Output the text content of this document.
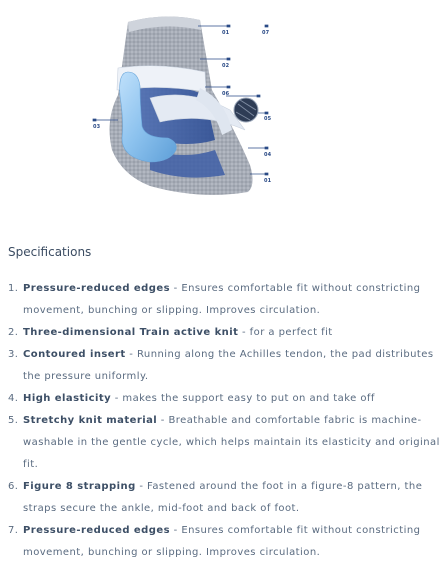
01	07
02
06
05
03
04
01
Specifications
1. Pressure-reduced edges - Ensures comfortable fit without constricting movement, bunching or slipping. Improves circulation.
2. Three-dimensional Train active knit - for a perfect fit
3. Contoured insert - Running along the Achilles tendon, the pad distributes the pressure uniformly.
4. High elasticity - makes the support easy to put on and take off
5. Stretchy knit material - Breathable and comfortable fabric is machine-washable in the gentle cycle, which helps maintain its elasticity and original fit.
6. Figure 8 strapping - Fastened around the foot in a figure-8 pattern, the straps secure the ankle, mid-foot and back of foot.
7. Pressure-reduced edges - Ensures comfortable fit without constricting movement, bunching or slipping. Improves circulation.
